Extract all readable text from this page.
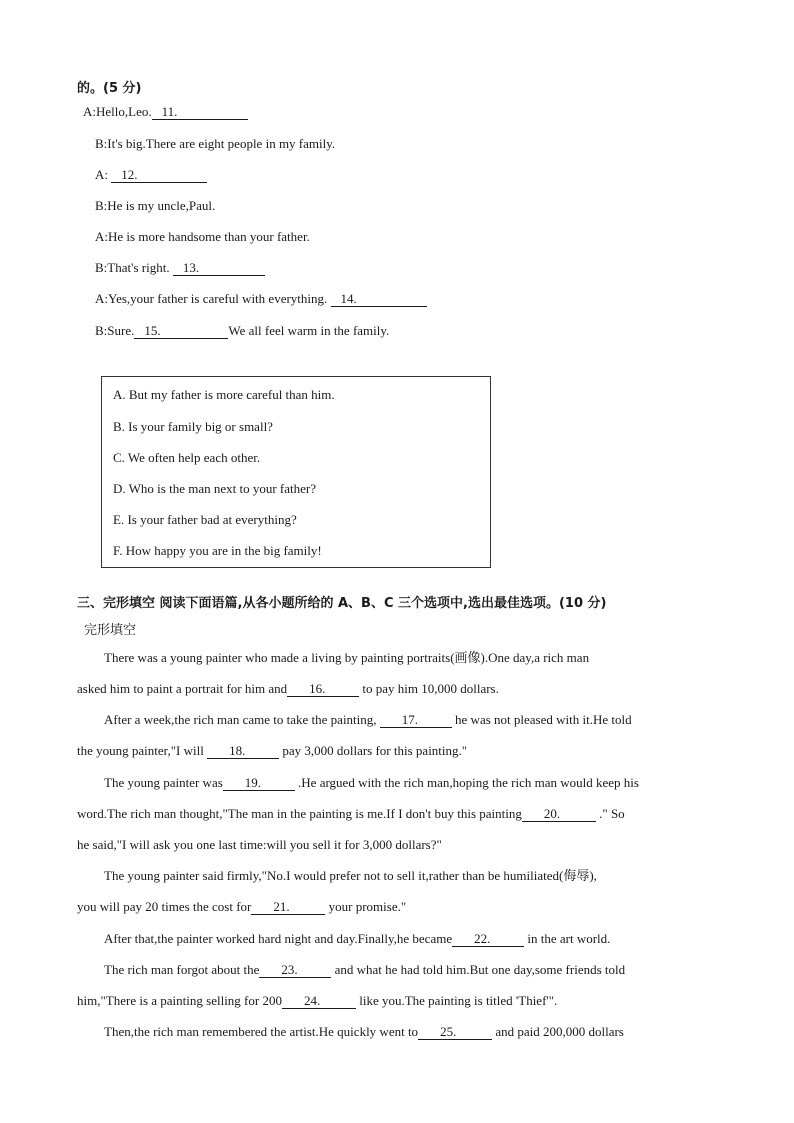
的。(5 分)
A:Hello,Leo. 11.
B:It's big.There are eight people in my family.
A: 12.
B:He is my uncle,Paul.
A:He is more handsome than your father.
B:That's right. 13.
A:Yes,your father is careful with everything. 14.
B:Sure. 15.	We all feel warm in the family.
A. But my father is more careful than him.
B. Is your family big or small?
C. We often help each other.
D. Who is the man next to your father?
E. Is your father bad at everything?
F. How happy you are in the big family!
三、完形填空 阅读下面语篇,从各小题所给的 A、B、C 三个选项中,选出最佳选项。(10 分)
完形填空
There was a young painter who made a living by painting portraits(画像).One day,a rich man
asked him to paint a portrait for him and 16.	to pay him 10,000 dollars.
After a week,the rich man came to take the painting, 17.	he was not pleased with it.He told
the young painter,"I will 18.	pay 3,000 dollars for this painting."
The young painter was 19.	.He argued with the rich man,hoping the rich man would keep his
word.The rich man thought,"The man in the painting is me.If I don't buy this painting 20.	." So
he said,"I will ask you one last time:will you sell it for 3,000 dollars?"
The young painter said firmly,"No.I would prefer not to sell it,rather than be humiliated(侮辱),
you will pay 20 times the cost for 21.	your promise."
After that,the painter worked hard night and day.Finally,he became 22.	in the art world.
The rich man forgot about the 23.	and what he had told him.But one day,some friends told
him,"There is a painting selling for 200 24.	like you.The painting is titled 'Thief'".
Then,the rich man remembered the artist.He quickly went to 25.	and paid 200,000 dollars
